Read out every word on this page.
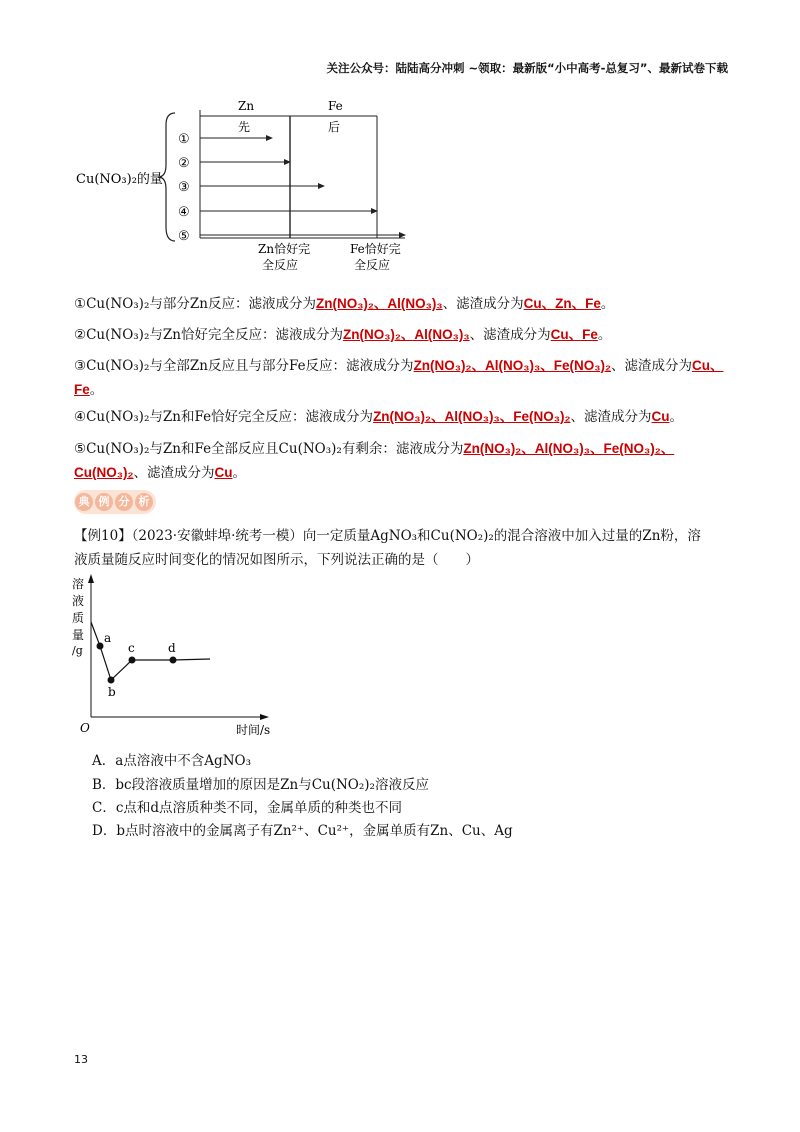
关注公众号：陆陆高分冲刺 ~领取：最新版“小中高考-总复习”、最新试卷下载
Cu(NO₃)₂的量
Zn	Fe
先	后
①
②
③
④
⑤
Zn恰好完
全反应
Fe恰好完
全反应
①Cu(NO₃)₂与部分Zn反应：滤液成分为Zn(NO₃)₂、Al(NO₃)₃、滤渣成分为Cu、Zn、Fe。
②Cu(NO₃)₂与Zn恰好完全反应：滤液成分为Zn(NO₃)₂、Al(NO₃)₃、滤渣成分为Cu、Fe。
③Cu(NO₃)₂与全部Zn反应且与部分Fe反应：滤液成分为Zn(NO₃)₂、Al(NO₃)₃、Fe(NO₃)₂、滤渣成分为Cu、Fe。
④Cu(NO₃)₂与Zn和Fe恰好完全反应：滤液成分为Zn(NO₃)₂、Al(NO₃)₃、Fe(NO₃)₂、滤渣成分为Cu。
⑤Cu(NO₃)₂与Zn和Fe全部反应且Cu(NO₃)₂有剩余：滤液成分为Zn(NO₃)₂、Al(NO₃)₃、Fe(NO₃)₂、Cu(NO₃)₂、滤渣成分为Cu。
典 例 分 析
【例10】（2023·安徽蚌埠·统考一模）向一定质量AgNO₃和Cu(NO₂)₂的混合溶液中加入过量的Zn粉，溶
液质量随反应时间变化的情况如图所示，下列说法正确的是（　　）
溶
液
质
量
/g
a
b
c	d
O	时间/s
A．a点溶液中不含AgNO₃
B．bc段溶液质量增加的原因是Zn与Cu(NO₂)₂溶液反应
C．c点和d点溶质种类不同，金属单质的种类也不同
D．b点时溶液中的金属离子有Zn²⁺、Cu²⁺，金属单质有Zn、Cu、Ag
13
